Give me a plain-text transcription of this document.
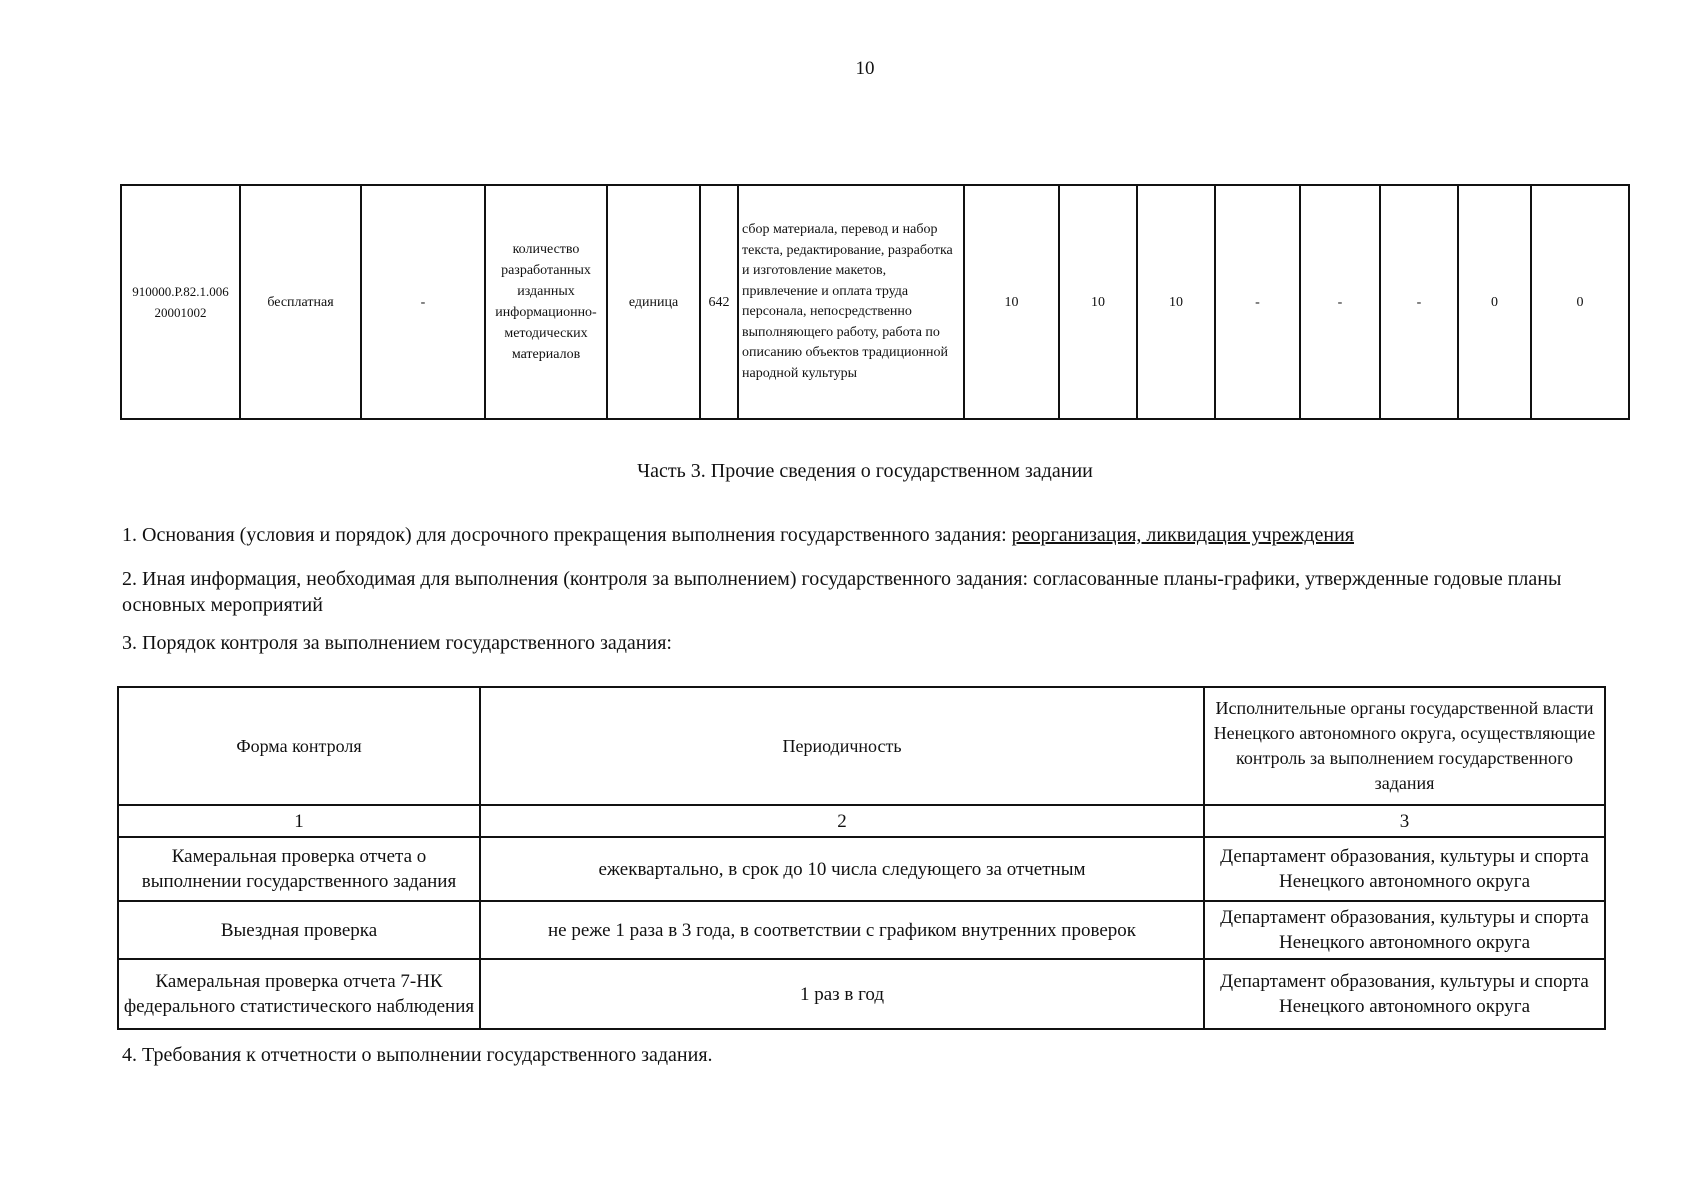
10
910000.Р.82.1.006 20001002	бесплатная	-	количество разработанных изданных информационно-методических материалов	единица	642	сбор материала, перевод и набор текста, редактирование, разработка и изготовление макетов, привлечение и оплата труда персонала, непосредственно выполняющего работу, работа по описанию объектов традиционной народной культуры	10	10	10	-	-	-	0	0
Часть 3. Прочие сведения о государственном задании
1. Основания (условия и порядок) для досрочного прекращения выполнения государственного задания: реорганизация, ликвидация учреждения
2. Иная информация, необходимая для выполнения (контроля за выполнением) государственного задания: согласованные планы-графики, утвержденные годовые планы основных мероприятий
3. Порядок контроля за выполнением государственного задания:
Форма контроля	Периодичность	Исполнительные органы государственной власти Ненецкого автономного округа, осуществляющие контроль за выполнением государственного задания
1	2	3
Камеральная проверка отчета о выполнении государственного задания	ежеквартально, в срок до 10 числа следующего за отчетным	Департамент образования, культуры и спорта Ненецкого автономного округа
Выездная проверка	не реже 1 раза в 3 года, в соответствии с графиком внутренних проверок	Департамент образования, культуры и спорта Ненецкого автономного округа
Камеральная проверка отчета 7-НК федерального статистического наблюдения	1 раз в год	Департамент образования, культуры и спорта Ненецкого автономного округа
4. Требования к отчетности о выполнении государственного задания.
